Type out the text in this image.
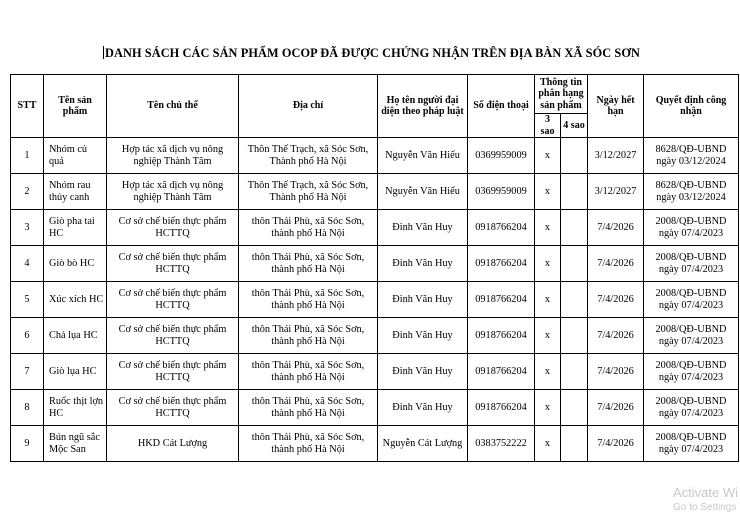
DANH SÁCH CÁC SẢN PHẨM OCOP ĐÃ ĐƯỢC CHỨNG NHẬN TRÊN ĐỊA BÀN XÃ SÓC SƠN
STT	Tên sản phẩm	Tên chủ thể	Địa chỉ	Họ tên người đại diện theo pháp luật	Số điện thoại	Thông tin phân hạng sản phẩm		Ngày hết hạn	Quyết định công nhận
						3 sao	4 sao		
1	Nhóm củ quả	Hợp tác xã dịch vụ nông nghiệp Thành Tâm	Thôn Thế Trạch, xã Sóc Sơn, Thành phố Hà Nội	Nguyễn Văn Hiếu	0369959009	x		3/12/2027	8628/QĐ-UBND ngày 03/12/2024
2	Nhóm rau thủy canh	Hợp tác xã dịch vụ nông nghiệp Thành Tâm	Thôn Thế Trạch, xã Sóc Sơn, Thành phố Hà Nội	Nguyễn Văn Hiếu	0369959009	x		3/12/2027	8628/QĐ-UBND ngày 03/12/2024
3	Giò pha tai HC	Cơ sở chế biến thực phẩm HCTTQ	thôn Thái Phù, xã Sóc Sơn, thành phố Hà Nội	Đinh Văn Huy	0918766204	x		7/4/2026	2008/QĐ-UBND ngày 07/4/2023
4	Giò bò HC	Cơ sở chế biến thực phẩm HCTTQ	thôn Thái Phù, xã Sóc Sơn, thành phố Hà Nội	Đinh Văn Huy	0918766204	x		7/4/2026	2008/QĐ-UBND ngày 07/4/2023
5	Xúc xích HC	Cơ sở chế biến thực phẩm HCTTQ	thôn Thái Phù, xã Sóc Sơn, thành phố Hà Nội	Đinh Văn Huy	0918766204	x		7/4/2026	2008/QĐ-UBND ngày 07/4/2023
6	Chả lụa HC	Cơ sở chế biến thực phẩm HCTTQ	thôn Thái Phù, xã Sóc Sơn, thành phố Hà Nội	Đinh Văn Huy	0918766204	x		7/4/2026	2008/QĐ-UBND ngày 07/4/2023
7	Giò lụa HC	Cơ sở chế biến thực phẩm HCTTQ	thôn Thái Phù, xã Sóc Sơn, thành phố Hà Nội	Đinh Văn Huy	0918766204	x		7/4/2026	2008/QĐ-UBND ngày 07/4/2023
8	Ruốc thịt lợn HC	Cơ sở chế biến thực phẩm HCTTQ	thôn Thái Phù, xã Sóc Sơn, thành phố Hà Nội	Đinh Văn Huy	0918766204	x		7/4/2026	2008/QĐ-UBND ngày 07/4/2023
9	Bún ngũ sắc Mộc San	HKD Cát Lượng	thôn Thái Phù, xã Sóc Sơn, thành phố Hà Nội	Nguyễn Cát Lượng	0383752222	x		7/4/2026	2008/QĐ-UBND ngày 07/4/2023
Activate Wi
Go to Settings
